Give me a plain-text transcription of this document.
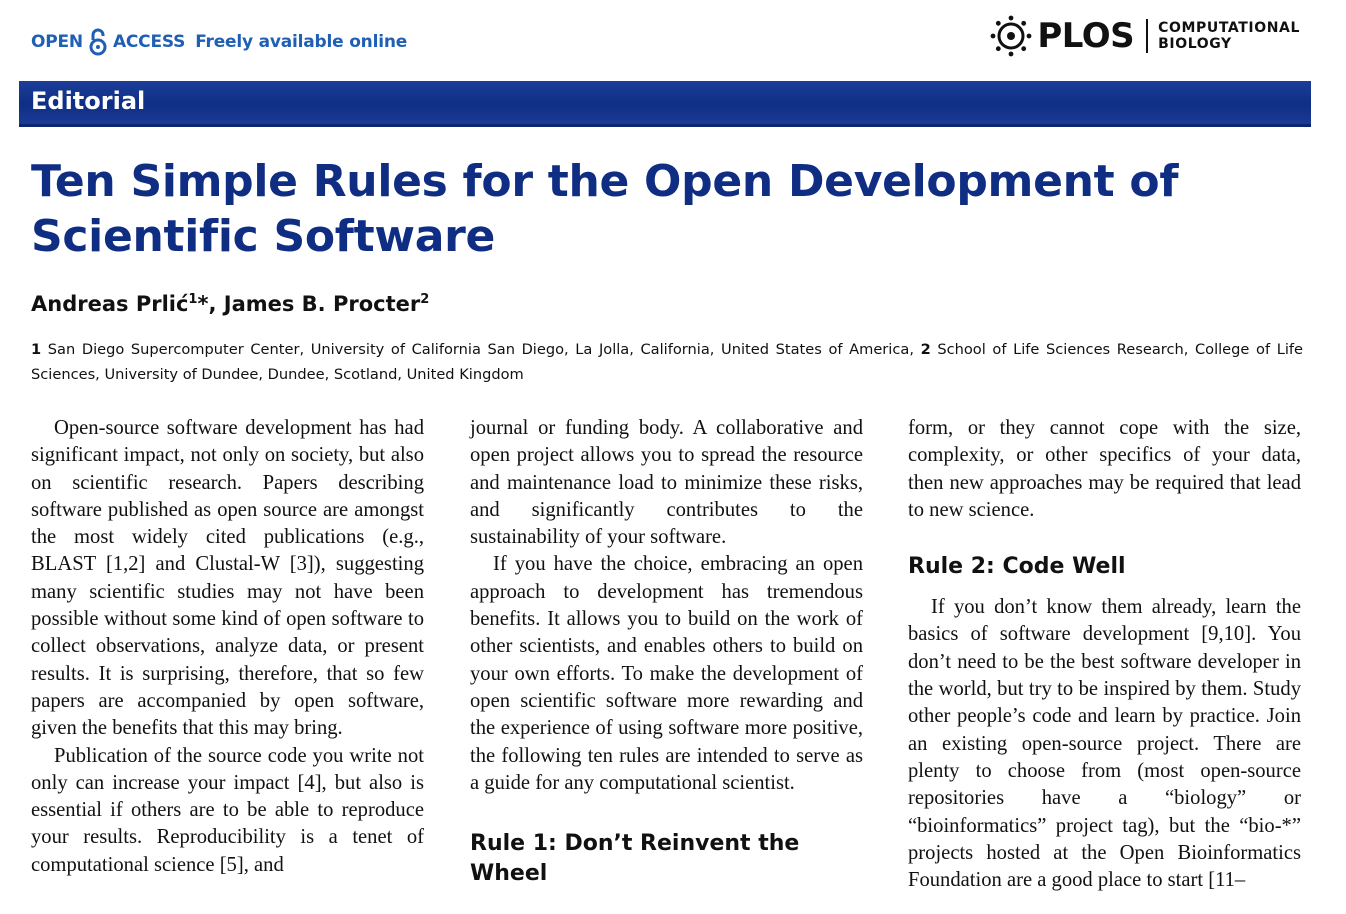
OPEN ACCESS Freely available online	PLOS COMPUTATIONAL
BIOLOGY
Editorial
Ten Simple Rules for the Open Development of Scientific Software

Andreas Prlić$^1$*, James B. Procter$^2$

1 San Diego Supercomputer Center, University of California San Diego, La Jolla, California, United States of America, 2 School of Life Sciences Research, College of Life Sciences, University of Dundee, Dundee, Scotland, United Kingdom

Open-source software development has had significant impact, not only on society, but also on scientific research. Papers describing software published as open source are amongst the most widely cited publications (e.g., BLAST [1,2] and Clustal-W [3]), suggesting many scientific studies may not have been possible without some kind of open software to collect observations, analyze data, or present results. It is surprising, therefore, that so few papers are accompanied by open software, given the benefits that this may bring.

Publication of the source code you write not only can increase your impact [4], but also is essential if others are to be able to reproduce your results. Reproducibility is a tenet of computational science [5], and

journal or funding body. A collaborative and open project allows you to spread the resource and maintenance load to minimize these risks, and significantly contributes to the sustainability of your software.

If you have the choice, embracing an open approach to development has tremendous benefits. It allows you to build on the work of other scientists, and enables others to build on your own efforts. To make the development of open scientific software more rewarding and the experience of using software more positive, the following ten rules are intended to serve as a guide for any computational scientist.

Rule 1: Don’t Reinvent the Wheel

form, or they cannot cope with the size, complexity, or other specifics of your data, then new approaches may be required that lead to new science.

Rule 2: Code Well

If you don’t know them already, learn the basics of software development [9,10]. You don’t need to be the best software developer in the world, but try to be inspired by them. Study other people’s code and learn by practice. Join an existing open-source project. There are plenty to choose from (most open-source repositories have a “biology” or “bioinformatics” project tag), but the “bio-*” projects hosted at the Open Bioinformatics Foundation are a good place to start [11–
